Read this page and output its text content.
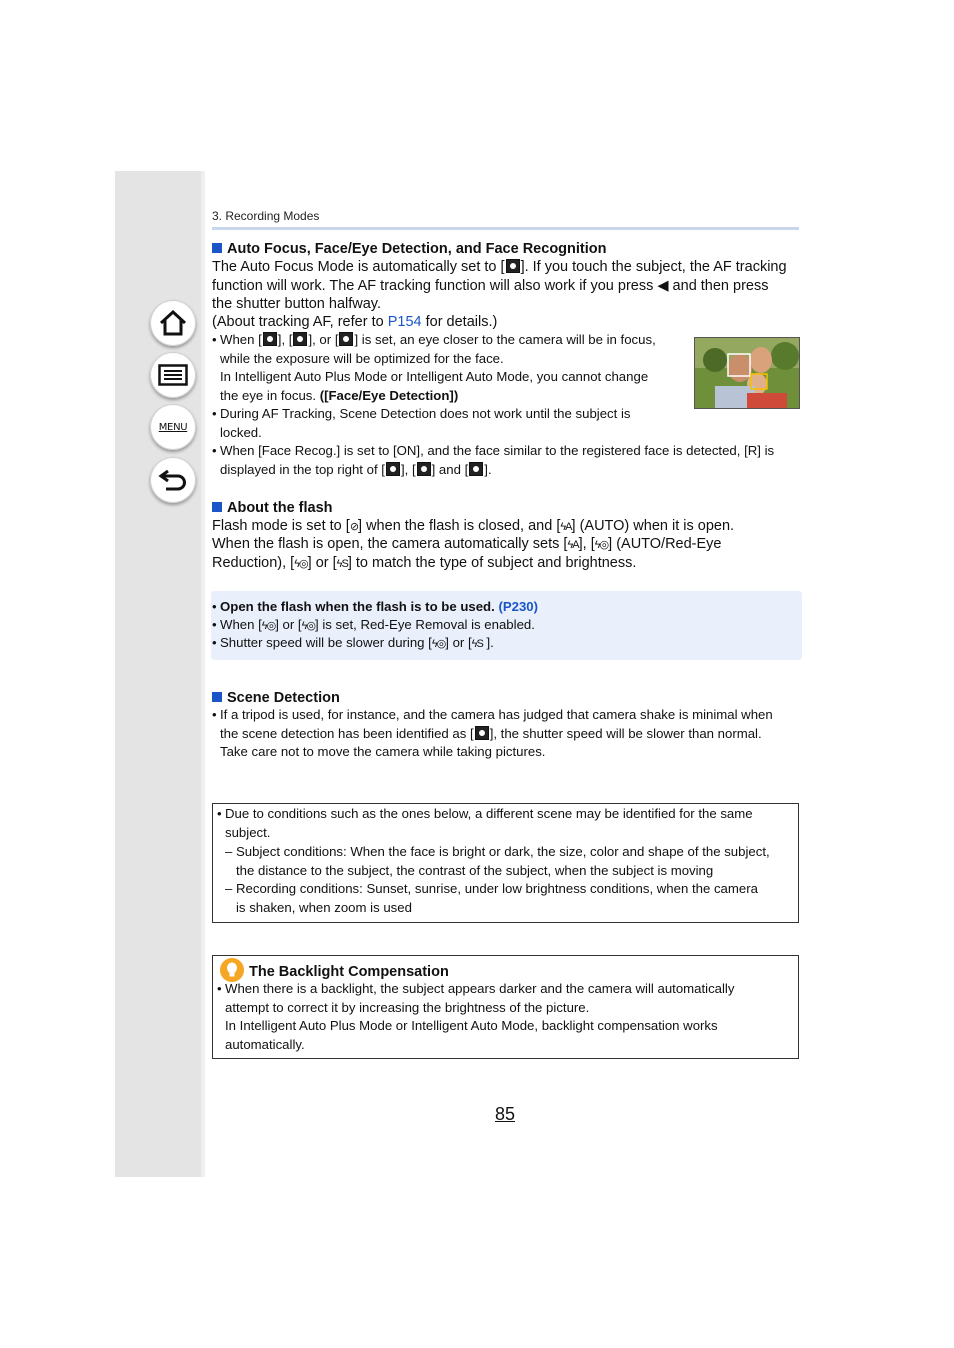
MENU
3. Recording Modes
Auto Focus, Face/Eye Detection, and Face Recognition
The Auto Focus Mode is automatically set to [ ]. If you touch the subject, the AF tracking
function will work. The AF tracking function will also work if you press ◀ and then press
the shutter button halfway.
(About tracking AF, refer to P154 for details.)
• When [ ], [ ], or [ ] is set, an eye closer to the camera will be in focus,
while the exposure will be optimized for the face.
In Intelligent Auto Plus Mode or Intelligent Auto Mode, you cannot change
the eye in focus. ([Face/Eye Detection])
• During AF Tracking, Scene Detection does not work until the subject is
locked.
• When [Face Recog.] is set to [ON], and the face similar to the registered face is detected, [R] is
displayed in the top right of [ ], [ ] and [ ].
About the flash
Flash mode is set to [⊘] when the flash is closed, and [ϟA] (AUTO) when it is open.
When the flash is open, the camera automatically sets [ϟA], [ϟ◎] (AUTO/Red-Eye
Reduction), [ϟ◎] or [ϟS] to match the type of subject and brightness.
• Open the flash when the flash is to be used. (P230)
• When [ϟ◎] or [ϟ◎] is set, Red-Eye Removal is enabled.
• Shutter speed will be slower during [ϟ◎] or [ϟS ].
Scene Detection
• If a tripod is used, for instance, and the camera has judged that camera shake is minimal when
the scene detection has been identified as [ ], the shutter speed will be slower than normal.
Take care not to move the camera while taking pictures.
• Due to conditions such as the ones below, a different scene may be identified for the same
subject.
– Subject conditions: When the face is bright or dark, the size, color and shape of the subject,
the distance to the subject, the contrast of the subject, when the subject is moving
– Recording conditions: Sunset, sunrise, under low brightness conditions, when the camera
is shaken, when zoom is used
The Backlight Compensation
• When there is a backlight, the subject appears darker and the camera will automatically
attempt to correct it by increasing the brightness of the picture.
In Intelligent Auto Plus Mode or Intelligent Auto Mode, backlight compensation works
automatically.
85
